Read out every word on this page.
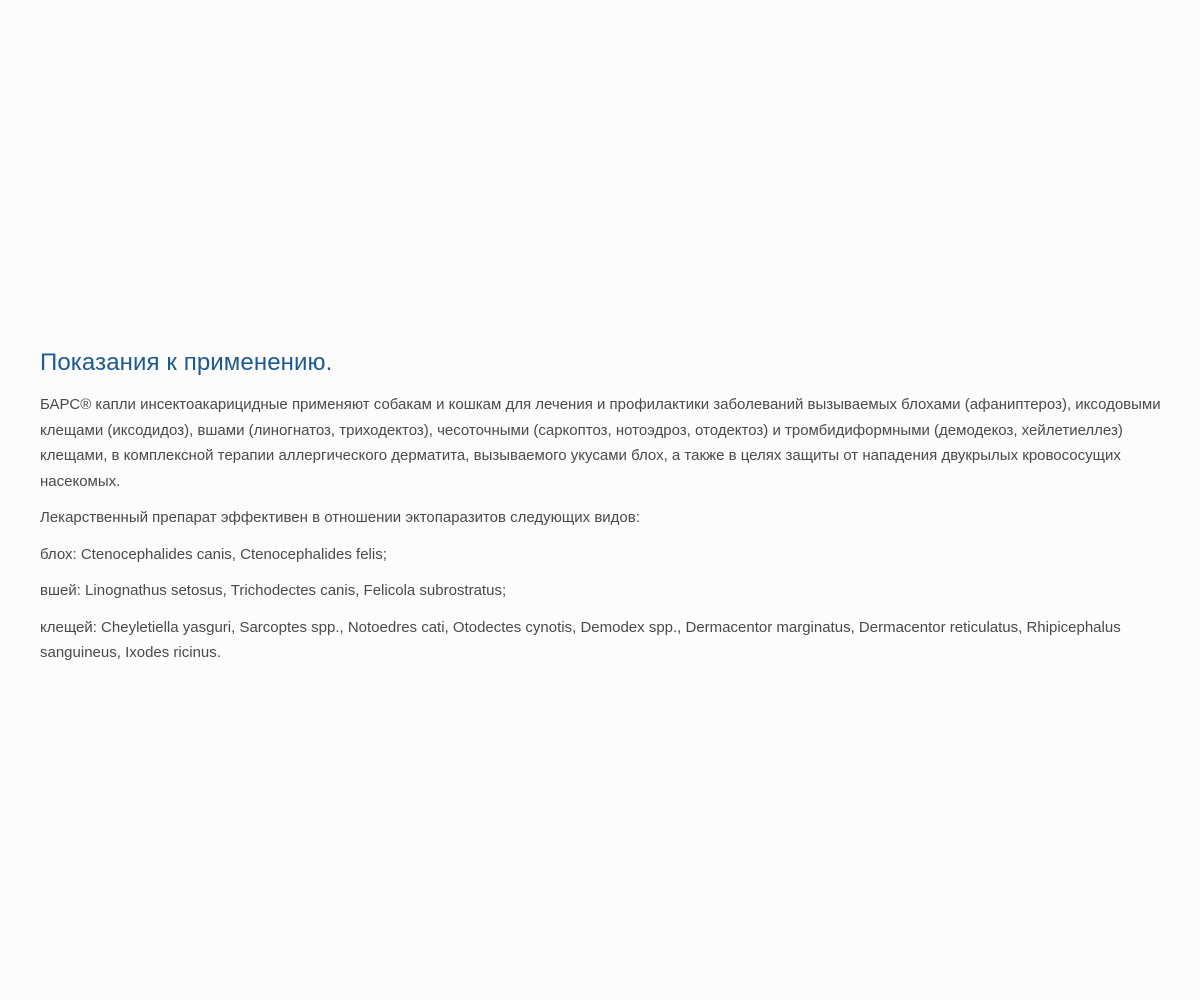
Показания к применению.

БАРС® капли инсектоакарицидные применяют собакам и кошкам для лечения и профилактики заболеваний вызываемых блохами (афаниптероз), иксодовыми клещами (иксодидоз), вшами (линогнатоз, триходектоз), чесоточными (саркоптоз, нотоэдроз, отодектоз) и тромбидиформными (демодекоз, хейлетиеллез) клещами, в комплексной терапии аллергического дерматита, вызываемого укусами блох, а также в целях защиты от нападения двукрылых кровососущих насекомых.

Лекарственный препарат эффективен в отношении эктопаразитов следующих видов:

блох: Ctenocephalides canis, Ctenocephalides felis;

вшей: Linognathus setosus, Trichodectes canis, Felicola subrostratus;

клещей: Cheyletiella yasguri, Sarcoptes spp., Notoedres cati, Otodectes cynotis, Demodex spp., Dermacentor marginatus, Dermacentor reticulatus, Rhipicephalus sanguineus, Ixodes ricinus.
